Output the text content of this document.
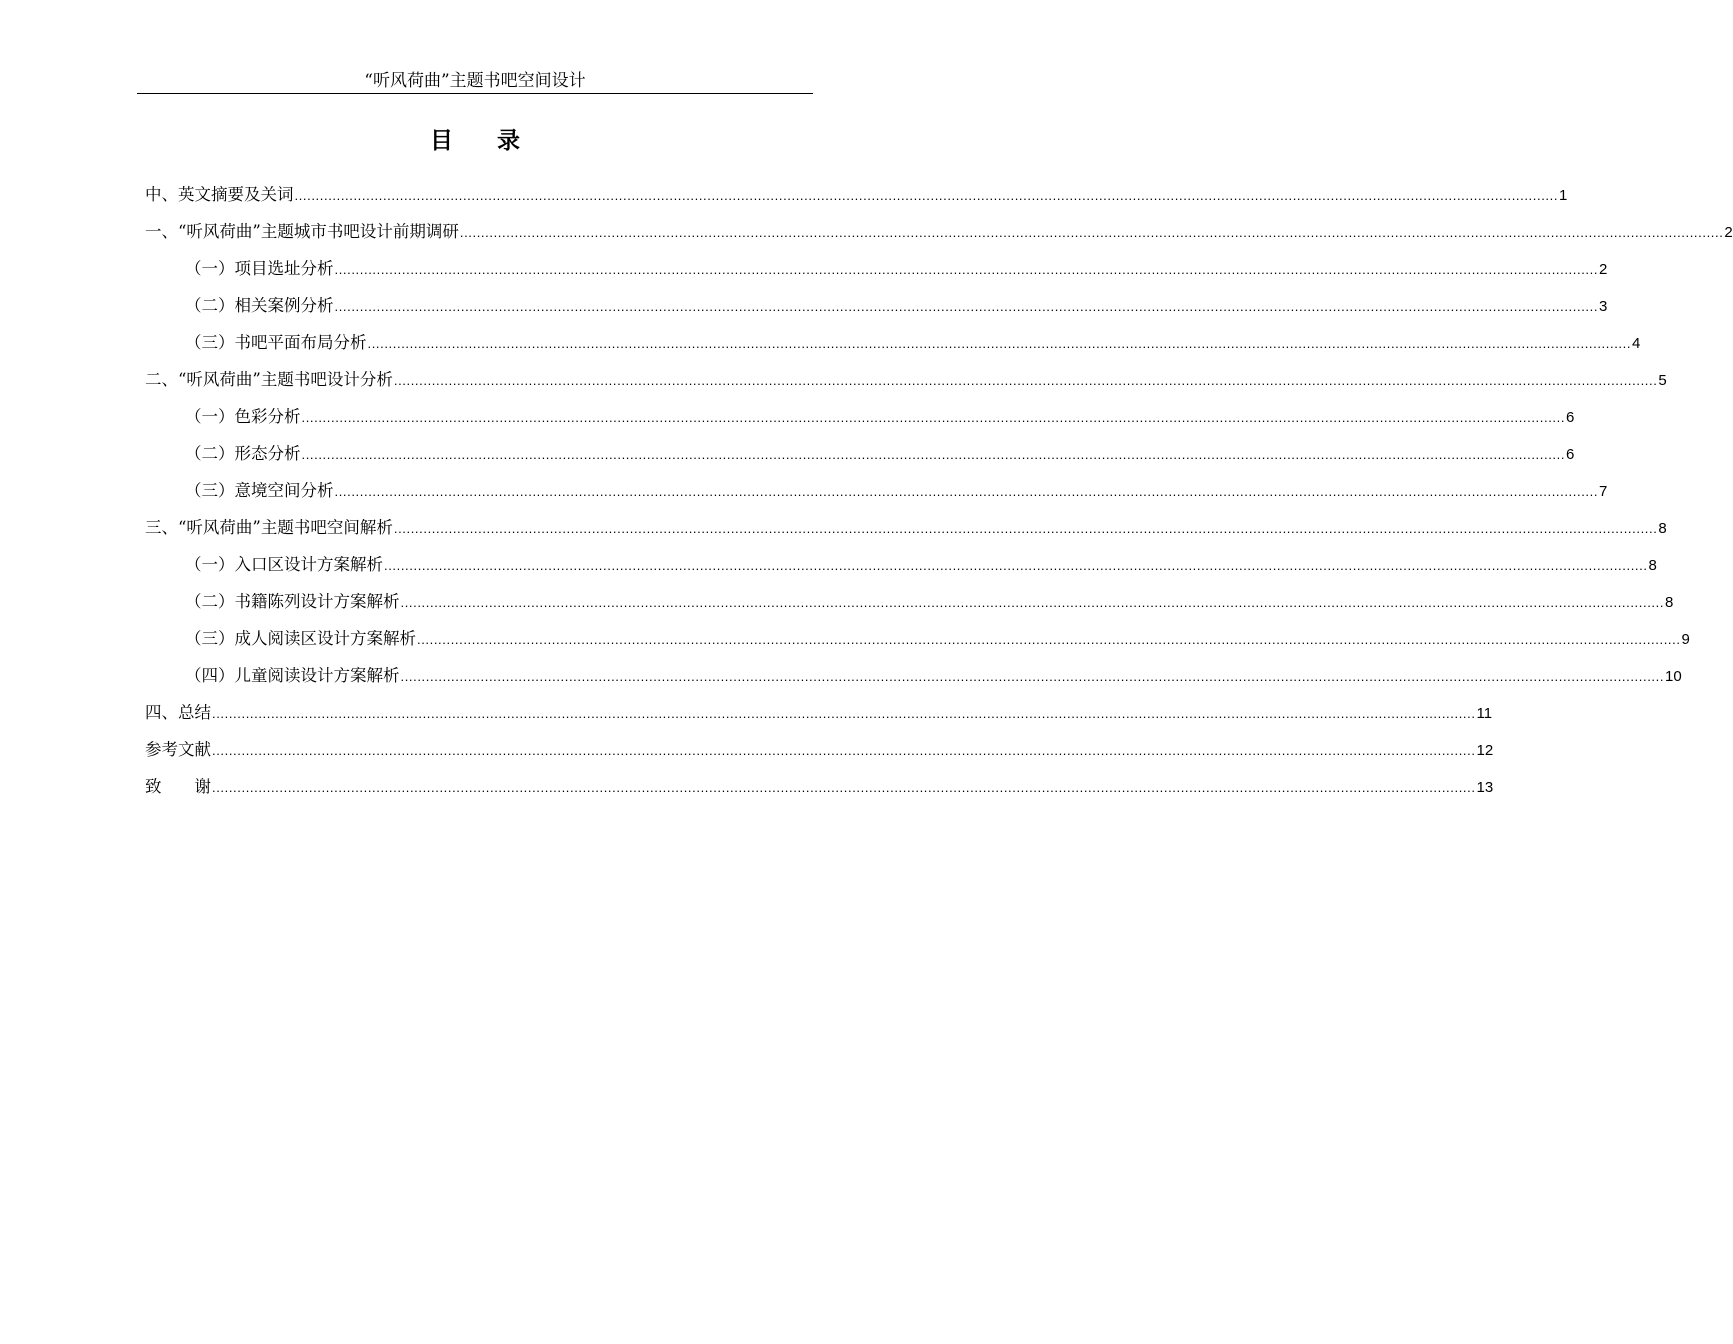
“听风荷曲”主题书吧空间设计
目录
中、英文摘要及关词 ............................................................................................................................................................................................................................................................................................................ 1
一、 “听风荷曲”主题城市书吧设计前期调研 ............................................................................................................................................................................................................................................................................................................ 2
（一） 项目选址分析 ............................................................................................................................................................................................................................................................................................................ 2
（二） 相关案例分析 ............................................................................................................................................................................................................................................................................................................ 3
（三） 书吧平面布局分析 ............................................................................................................................................................................................................................................................................................................ 4
二、 “听风荷曲”主题书吧设计分析 ............................................................................................................................................................................................................................................................................................................ 5
（一） 色彩分析 ............................................................................................................................................................................................................................................................................................................ 6
（二） 形态分析 ............................................................................................................................................................................................................................................................................................................ 6
（三） 意境空间分析 ............................................................................................................................................................................................................................................................................................................ 7
三、 “听风荷曲”主题书吧空间解析 ............................................................................................................................................................................................................................................................................................................ 8
（一） 入口区设计方案解析 ............................................................................................................................................................................................................................................................................................................ 8
（二） 书籍陈列设计方案解析 ............................................................................................................................................................................................................................................................................................................ 8
（三） 成人阅读区设计方案解析 ............................................................................................................................................................................................................................................................................................................ 9
（四） 儿童阅读设计方案解析 ............................................................................................................................................................................................................................................................................................................ 10
四、 总结 ............................................................................................................................................................................................................................................................................................................ 11
参考文献 ............................................................................................................................................................................................................................................................................................................ 12
致　　谢 ............................................................................................................................................................................................................................................................................................................ 13
